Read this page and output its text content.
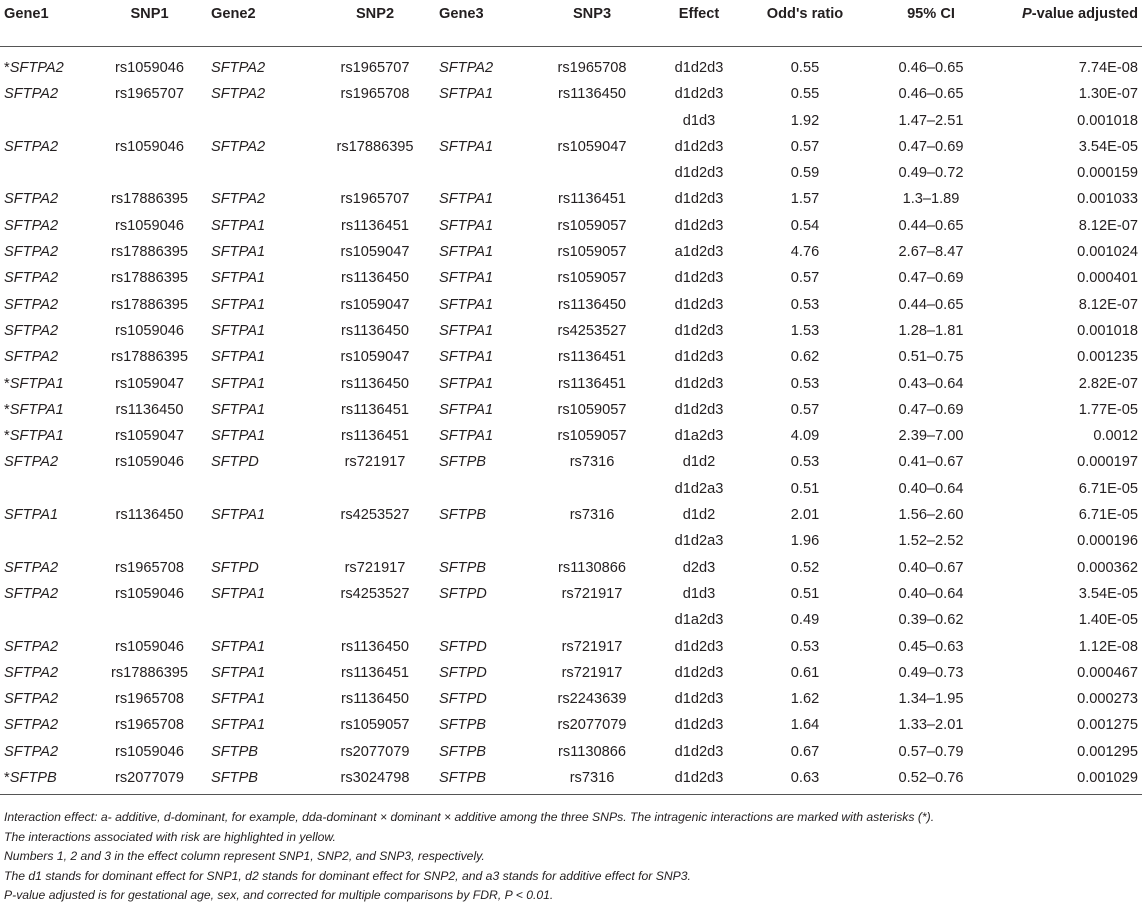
Gene1	SNP1	Gene2	SNP2	Gene3	SNP3	Effect	Odd's ratio	95% CI	P-value adjusted

*SFTPA2	rs1059046	SFTPA2	rs1965707	SFTPA2	rs1965708	d1d2d3	0.55	0.46–0.65	7.74E-08
SFTPA2	rs1965707	SFTPA2	rs1965708	SFTPA1	rs1136450	d1d2d3	0.55	0.46–0.65	1.30E-07
						d1d3	1.92	1.47–2.51	0.001018
SFTPA2	rs1059046	SFTPA2	rs17886395	SFTPA1	rs1059047	d1d2d3	0.57	0.47–0.69	3.54E-05
						d1d2d3	0.59	0.49–0.72	0.000159
SFTPA2	rs17886395	SFTPA2	rs1965707	SFTPA1	rs1136451	d1d2d3	1.57	1.3–1.89	0.001033
SFTPA2	rs1059046	SFTPA1	rs1136451	SFTPA1	rs1059057	d1d2d3	0.54	0.44–0.65	8.12E-07
SFTPA2	rs17886395	SFTPA1	rs1059047	SFTPA1	rs1059057	a1d2d3	4.76	2.67–8.47	0.001024
SFTPA2	rs17886395	SFTPA1	rs1136450	SFTPA1	rs1059057	d1d2d3	0.57	0.47–0.69	0.000401
SFTPA2	rs17886395	SFTPA1	rs1059047	SFTPA1	rs1136450	d1d2d3	0.53	0.44–0.65	8.12E-07
SFTPA2	rs1059046	SFTPA1	rs1136450	SFTPA1	rs4253527	d1d2d3	1.53	1.28–1.81	0.001018
SFTPA2	rs17886395	SFTPA1	rs1059047	SFTPA1	rs1136451	d1d2d3	0.62	0.51–0.75	0.001235
*SFTPA1	rs1059047	SFTPA1	rs1136450	SFTPA1	rs1136451	d1d2d3	0.53	0.43–0.64	2.82E-07
*SFTPA1	rs1136450	SFTPA1	rs1136451	SFTPA1	rs1059057	d1d2d3	0.57	0.47–0.69	1.77E-05
*SFTPA1	rs1059047	SFTPA1	rs1136451	SFTPA1	rs1059057	d1a2d3	4.09	2.39–7.00	0.0012
SFTPA2	rs1059046	SFTPD	rs721917	SFTPB	rs7316	d1d2	0.53	0.41–0.67	0.000197
						d1d2a3	0.51	0.40–0.64	6.71E-05
SFTPA1	rs1136450	SFTPA1	rs4253527	SFTPB	rs7316	d1d2	2.01	1.56–2.60	6.71E-05
						d1d2a3	1.96	1.52–2.52	0.000196
SFTPA2	rs1965708	SFTPD	rs721917	SFTPB	rs1130866	d2d3	0.52	0.40–0.67	0.000362
SFTPA2	rs1059046	SFTPA1	rs4253527	SFTPD	rs721917	d1d3	0.51	0.40–0.64	3.54E-05
						d1a2d3	0.49	0.39–0.62	1.40E-05
SFTPA2	rs1059046	SFTPA1	rs1136450	SFTPD	rs721917	d1d2d3	0.53	0.45–0.63	1.12E-08
SFTPA2	rs17886395	SFTPA1	rs1136451	SFTPD	rs721917	d1d2d3	0.61	0.49–0.73	0.000467
SFTPA2	rs1965708	SFTPA1	rs1136450	SFTPD	rs2243639	d1d2d3	1.62	1.34–1.95	0.000273
SFTPA2	rs1965708	SFTPA1	rs1059057	SFTPB	rs2077079	d1d2d3	1.64	1.33–2.01	0.001275
SFTPA2	rs1059046	SFTPB	rs2077079	SFTPB	rs1130866	d1d2d3	0.67	0.57–0.79	0.001295
*SFTPB	rs2077079	SFTPB	rs3024798	SFTPB	rs7316	d1d2d3	0.63	0.52–0.76	0.001029

Interaction effect: a- additive, d-dominant, for example, dda-dominant × dominant × additive among the three SNPs. The intragenic interactions are marked with asterisks (*).

The interactions associated with risk are highlighted in yellow.

Numbers 1, 2 and 3 in the effect column represent SNP1, SNP2, and SNP3, respectively.

The d1 stands for dominant effect for SNP1, d2 stands for dominant effect for SNP2, and a3 stands for additive effect for SNP3.

P-value adjusted is for gestational age, sex, and corrected for multiple comparisons by FDR, P < 0.01.
